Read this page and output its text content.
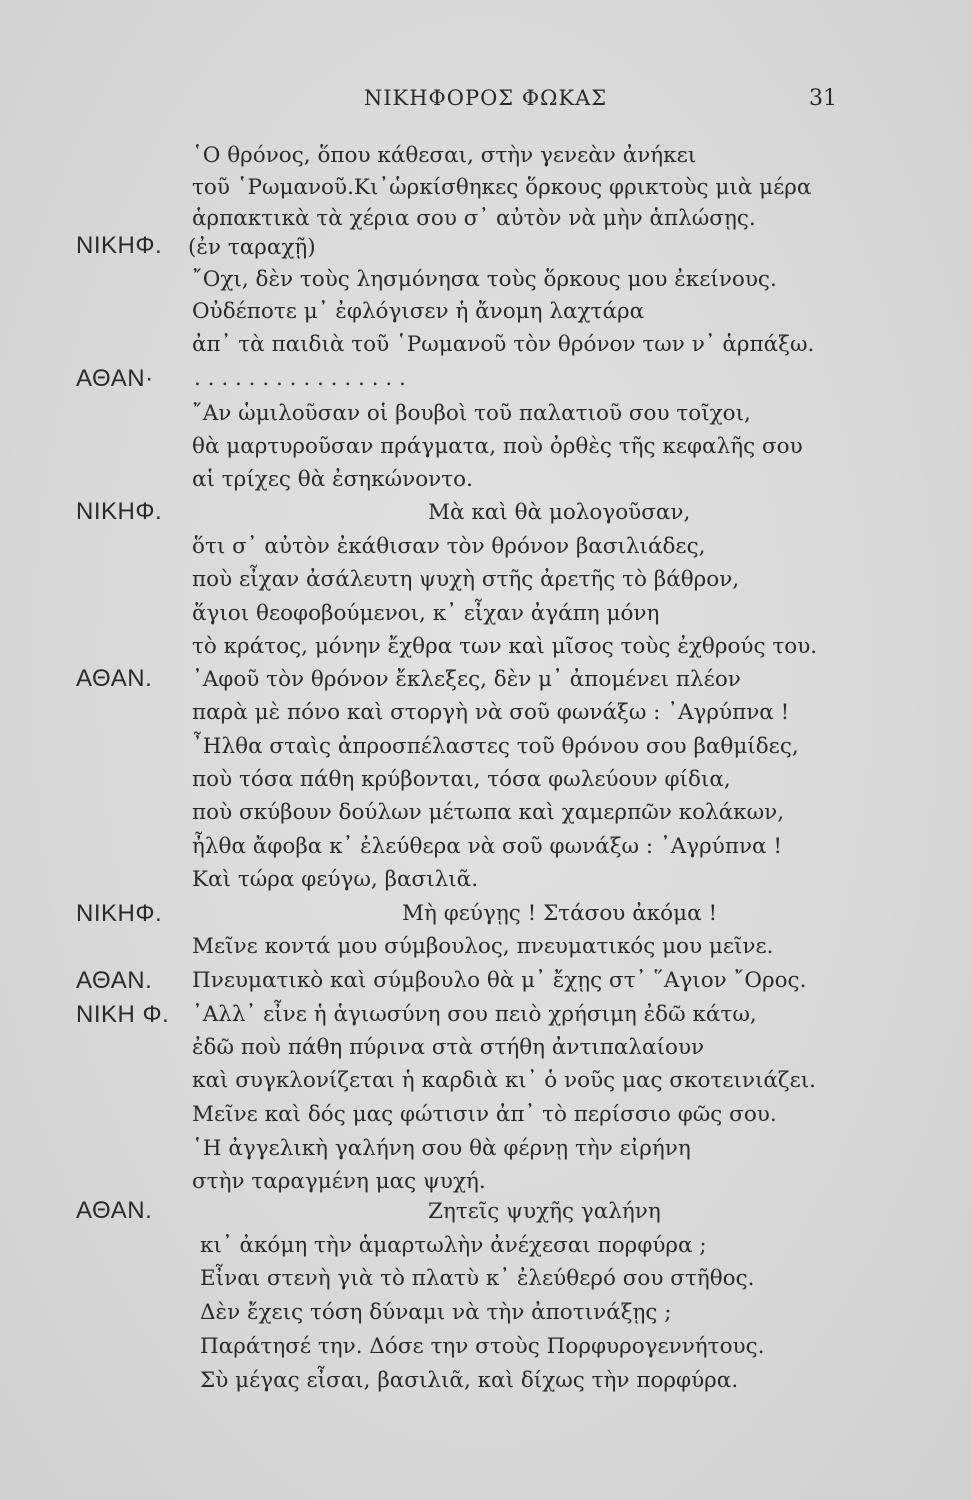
ΝΙΚΗΦΟΡΟΣ ΦΩΚΑΣ	31
ΝΙΚΗΦ.
ΑΘΑΝ·
ΝΙΚΗΦ.
ΑΘΑΝ.
ΝΙΚΗΦ.
ΑΘΑΝ.
ΝΙΚΗ Φ.
ΑΘΑΝ.
῾Ο θρόνος, ὅπου κάθεσαι, στὴν γενεὰν ἀνήκει
τοῦ ῾Ρωμανοῦ.Κι᾽ὡρκίσθηκες ὅρκους φρικτοὺς μιὰ μέρα
ἁρπακτικὰ τὰ χέρια σου σ᾽ αὐτὸν νὰ μὴν ἁπλώσῃς.
(ἐν ταραχῇ)
῎Οχι, δὲν τοὺς λησμόνησα τοὺς ὅρκους μου ἐκείνους.
Οὐδέποτε μ᾽ ἐφλόγισεν ἡ ἄνομη λαχτάρα
ἀπ᾽ τὰ παιδιὰ τοῦ ῾Ρωμανοῦ τὸν θρόνον των ν᾽ ἁρπάξω.
. . . . . . . . . . . . . . . .
῎Αν ὡμιλοῦσαν οἱ βουβοὶ τοῦ παλατιοῦ σου τοῖχοι,
θὰ μαρτυροῦσαν πράγματα, ποὺ ὀρθὲς τῆς κεφαλῆς σου
αἱ τρίχες θὰ ἐσηκώνοντο.
Μὰ καὶ θὰ μολογοῦσαν,
ὅτι σ᾽ αὐτὸν ἐκάθισαν τὸν θρόνον βασιλιάδες,
ποὺ εἶχαν ἀσάλευτη ψυχὴ στῆς ἀρετῆς τὸ βάθρον,
ἅγιοι θεοφοβούμενοι, κ᾽ εἶχαν ἀγάπη μόνη
τὸ κράτος, μόνην ἔχθρα των καὶ μῖσος τοὺς ἐχθρούς του.
᾽Αφοῦ τὸν θρόνον ἔκλεξες, δὲν μ᾽ ἀπομένει πλέον
παρὰ μὲ πόνο καὶ στοργὴ νὰ σοῦ φωνάξω : ᾽Αγρύπνα !
῏Ηλθα σταὶς ἀπροσπέλαστες τοῦ θρόνου σου βαθμίδες,
ποὺ τόσα πάθη κρύβονται, τόσα φωλεύουν φίδια,
ποὺ σκύβουν δούλων μέτωπα καὶ χαμερπῶν κολάκων,
ἦλθα ἄφοβα κ᾽ ἐλεύθερα νὰ σοῦ φωνάξω : ᾽Αγρύπνα !
Καὶ τώρα φεύγω, βασιλιᾶ.
Μὴ φεύγῃς ! Στάσου ἀκόμα !
Μεῖνε κοντά μου σύμβουλος, πνευματικός μου μεῖνε.
Πνευματικὸ καὶ σύμβουλο θὰ μ᾽ ἔχῃς στ᾽ ῞Αγιον ῎Ορος.
᾽Αλλ᾽ εἶνε ἡ ἁγιωσύνη σου πειὸ χρήσιμη ἐδῶ κάτω,
ἐδῶ ποὺ πάθη πύρινα στὰ στήθη ἀντιπαλαίουν
καὶ συγκλονίζεται ἡ καρδιὰ κι᾽ ὁ νοῦς μας σκοτεινιάζει.
Μεῖνε καὶ δός μας φώτισιν ἀπ᾽ τὸ περίσσιο φῶς σου.
῾Η ἀγγελικὴ γαλήνη σου θὰ φέρνῃ τὴν εἰρήνη
στὴν ταραγμένη μας ψυχή.
Ζητεῖς ψυχῆς γαλήνη
κι᾽ ἀκόμη τὴν ἁμαρτωλὴν ἀνέχεσαι πορφύρα ;
Εἶναι στενὴ γιὰ τὸ πλατὺ κ᾽ ἐλεύθερό σου στῆθος.
Δὲν ἔχεις τόση δύναμι νὰ τὴν ἀποτινάξῃς ;
Παράτησέ την. Δόσε την στοὺς Πορφυρογεννήτους.
Σὺ μέγας εἶσαι, βασιλιᾶ, καὶ δίχως τὴν πορφύρα.
